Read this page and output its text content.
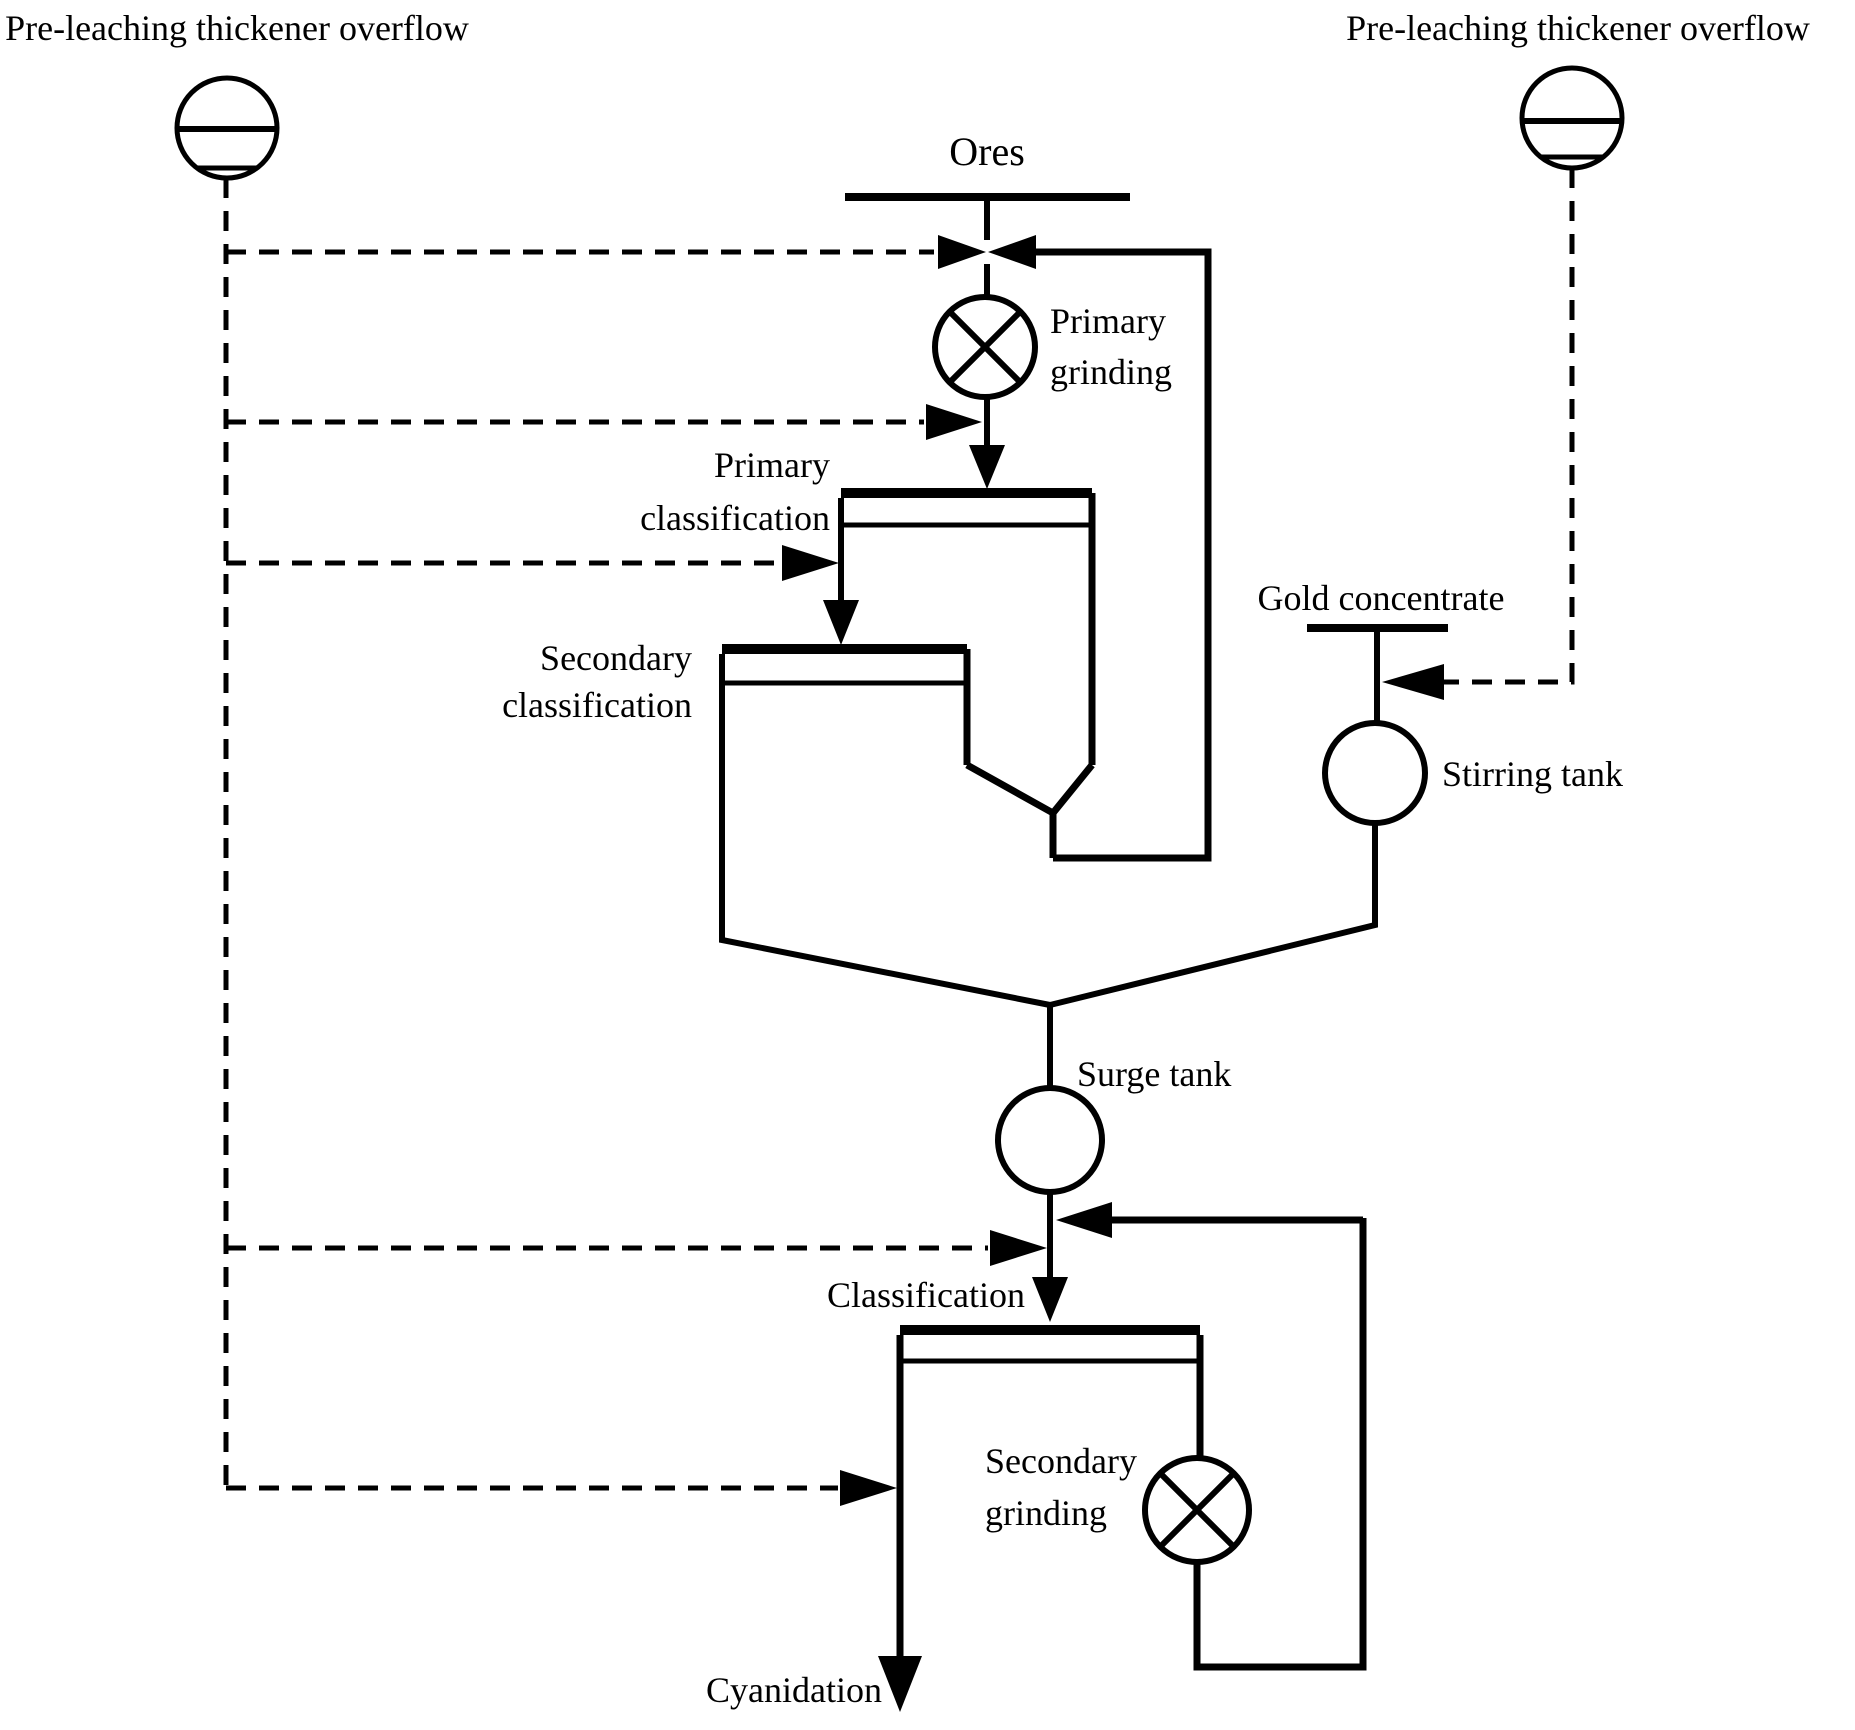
Pre-leaching thickener overflow	Pre-leaching thickener overflow
Ores
Primary
grinding
Primary
classification
Secondary
classification
Gold concentrate
Stirring tank
Surge tank
Classification
Secondary
grinding
Cyanidation
